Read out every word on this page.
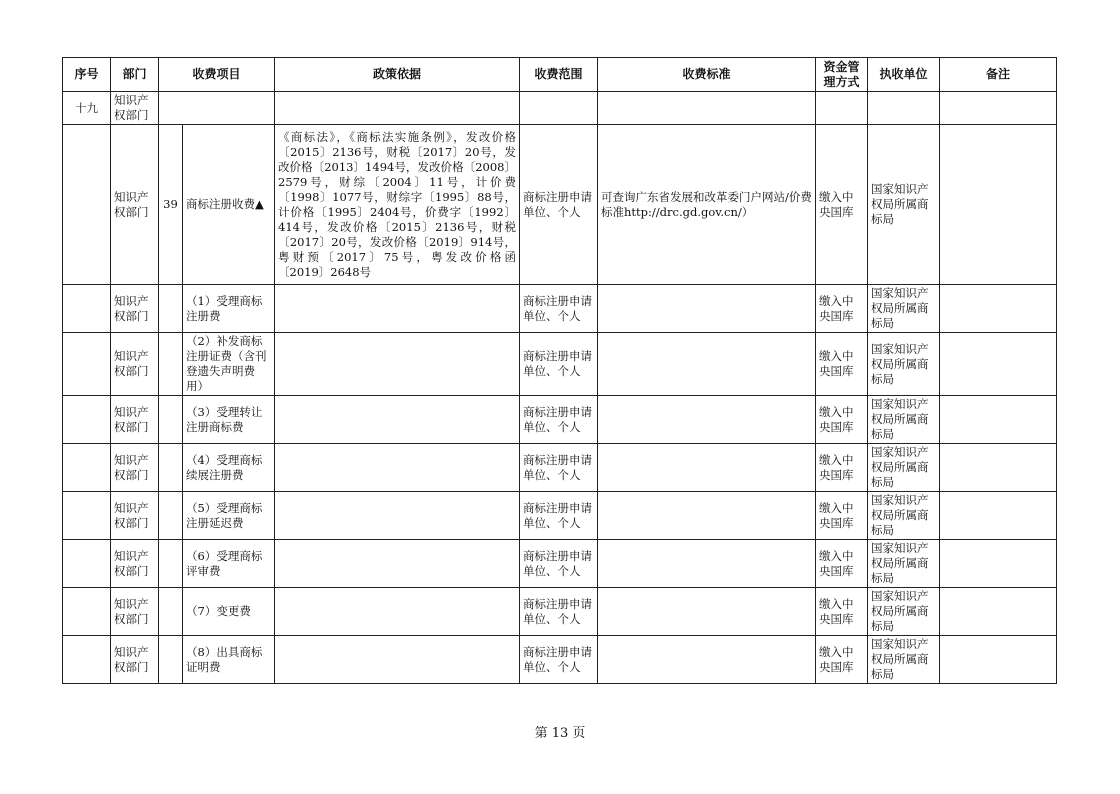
序号	部门	收费项目		政策依据	收费范围	收费标准	资金管理方式	执收单位	备注
十九	知识产权部门								
	知识产权部门	39	商标注册收费▲	《商标法》，《商标法实施条例》，发改价格〔2015〕2136号，财税〔2017〕20号，发改价格〔2013〕1494号，发改价格〔2008〕2579号，财综〔2004〕11号，计价费〔1998〕1077号，财综字〔1995〕88号，计价格〔1995〕2404号，价费字〔1992〕414号，发改价格〔2015〕2136号，财税〔2017〕20号，发改价格〔2019〕914号，粤财预〔2017〕75号，粤发改价格函〔2019〕2648号	商标注册申请单位、个人	可查询广东省发展和改革委门户网站/价费标准http://drc.gd.gov.cn/）	缴入中央国库	国家知识产权局所属商标局	
	知识产权部门		（1）受理商标注册费		商标注册申请单位、个人		缴入中央国库	国家知识产权局所属商标局	
	知识产权部门		（2）补发商标注册证费（含刊登遗失声明费用）		商标注册申请单位、个人		缴入中央国库	国家知识产权局所属商标局	
	知识产权部门		（3）受理转让注册商标费		商标注册申请单位、个人		缴入中央国库	国家知识产权局所属商标局	
	知识产权部门		（4）受理商标续展注册费		商标注册申请单位、个人		缴入中央国库	国家知识产权局所属商标局	
	知识产权部门		（5）受理商标注册延迟费		商标注册申请单位、个人		缴入中央国库	国家知识产权局所属商标局	
	知识产权部门		（6）受理商标评审费		商标注册申请单位、个人		缴入中央国库	国家知识产权局所属商标局	
	知识产权部门		（7）变更费		商标注册申请单位、个人		缴入中央国库	国家知识产权局所属商标局	
	知识产权部门		（8）出具商标证明费		商标注册申请单位、个人		缴入中央国库	国家知识产权局所属商标局	
第 13 页
